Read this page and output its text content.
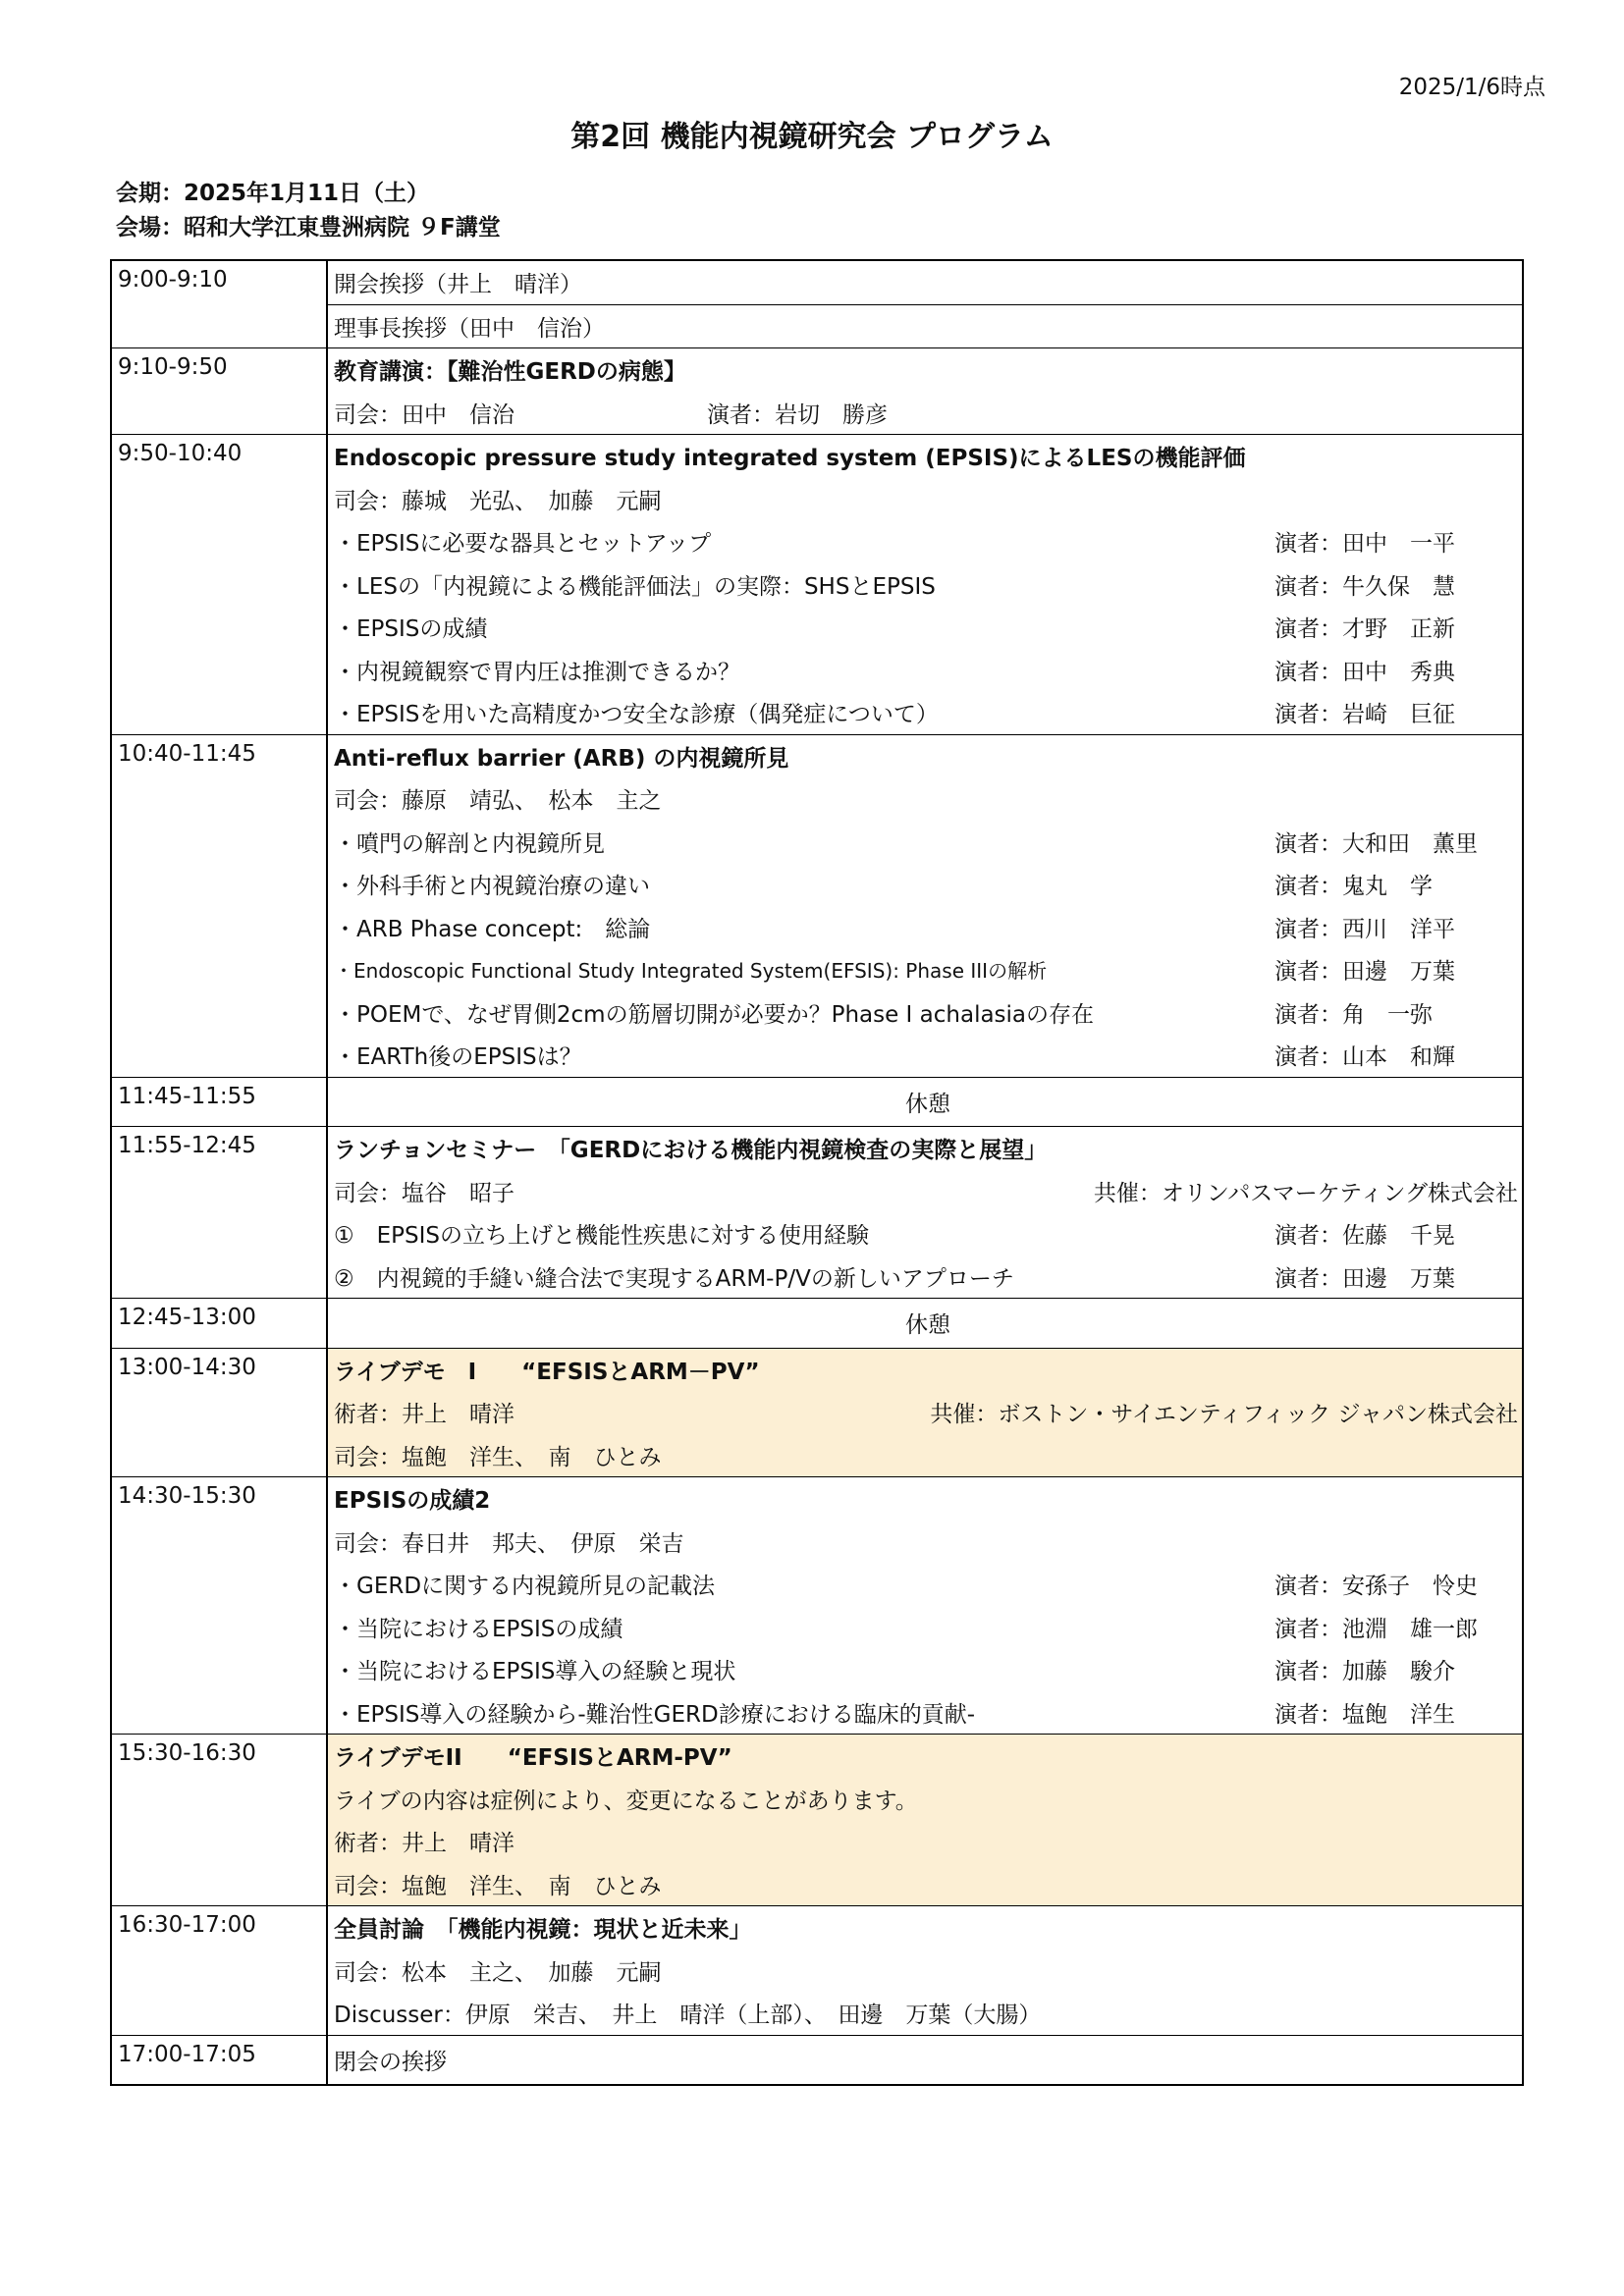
2025/1/6時点
第2回 機能内視鏡研究会 プログラム
会期：2025年1月11日（土）
会場：昭和大学江東豊洲病院 ９F講堂
9:00-9:10	開会挨拶（井上　晴洋）
	理事長挨拶（田中　信治）
9:10-9:50	教育講演：【難治性GERDの病態】

	司会：田中　信治 演者：岩切　勝彦

9:50-10:40	Endoscopic pressure study integrated system (EPSIS)によるLESの機能評価
	司会：藤城　光弘、　加藤　元嗣

	・EPSISに必要な器具とセットアップ 演者：田中　一平

	・LESの「内視鏡による機能評価法」の実際：SHSとEPSIS 演者：牛久保　慧

	・EPSISの成績 演者：才野　正新

	・内視鏡観察で胃内圧は推測できるか？ 演者：田中　秀典

	・EPSISを用いた高精度かつ安全な診療（偶発症について） 演者：岩崎　巨征

10:40-11:45	Anti-reflux barrier (ARB) の内視鏡所見
	司会：藤原　靖弘、　松本　主之

	・噴門の解剖と内視鏡所見 演者：大和田　薫里

	・外科手術と内視鏡治療の違い 演者：鬼丸　学

	・ARB Phase concept:　総論 演者：西川　洋平

	・Endoscopic Functional Study Integrated System(EFSIS): Phase IIIの解析 演者：田邊　万葉

	・POEMで、なぜ胃側2cmの筋層切開が必要か？Phase I achalasiaの存在 演者：角　一弥

	・EARTh後のEPSISは？ 演者：山本　和輝

11:45-11:55	休憩
11:55-12:45	ランチョンセミナー　「GERDにおける機能内視鏡検査の実際と展望」

	司会：塩谷　昭子 共催：オリンパスマーケティング株式会社

	①　EPSISの立ち上げと機能性疾患に対する使用経験 演者：佐藤　千晃

	②　内視鏡的手縫い縫合法で実現するARM-P/Vの新しいアプローチ 演者：田邊　万葉

12:45-13:00	休憩
13:00-14:30	ライブデモ　I　　“EFSISとARM－PV”

	術者：井上　晴洋 共催：ボストン・サイエンティフィック ジャパン株式会社

	司会：塩飽　洋生、　南　ひとみ
14:30-15:30	EPSISの成績2
	司会：春日井　邦夫、　伊原　栄吉

	・GERDに関する内視鏡所見の記載法 演者：安孫子　怜史

	・当院におけるEPSISの成績 演者：池淵　雄一郎

	・当院におけるEPSIS導入の経験と現状 演者：加藤　駿介

	・EPSIS導入の経験から-難治性GERD診療における臨床的貢献- 演者：塩飽　洋生

15:30-16:30	ライブデモII　　“EFSISとARM-PV”
	ライブの内容は症例により、変更になることがあります。
	術者：井上　晴洋
	司会：塩飽　洋生、　南　ひとみ
16:30-17:00	全員討論　「機能内視鏡：現状と近未来」
	司会：松本　主之、　加藤　元嗣
	Discusser：伊原　栄吉、　井上　晴洋（上部）、　田邊　万葉（大腸）
17:00-17:05	閉会の挨拶
